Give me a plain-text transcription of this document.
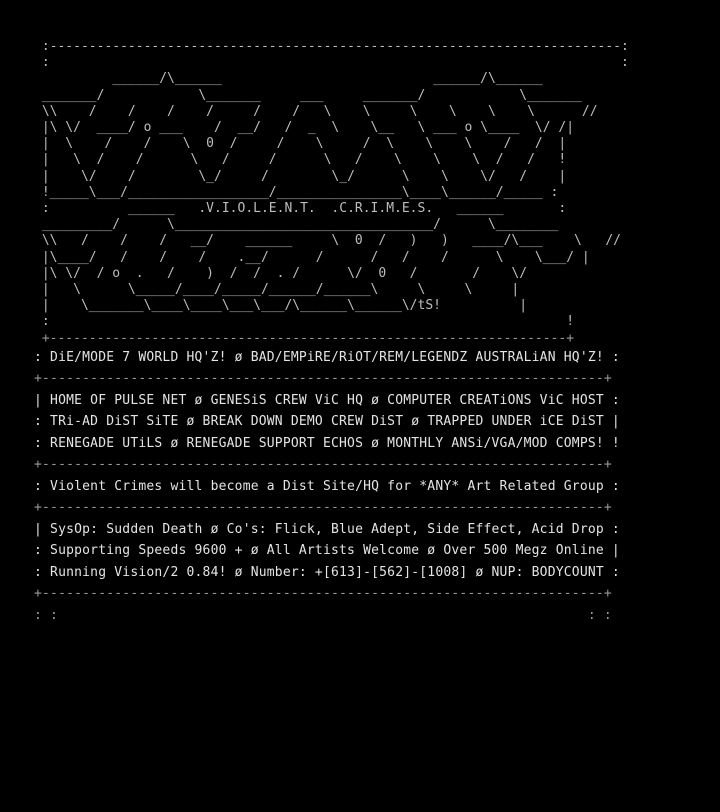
:-------------------------------------------------------------------------:
:                                                                         :
______/\______                           ______/\______
_______/            \_______     ___     _______/            \_______
\\    /    /    /    /     /    /   \    \     \    \    \    \      //
|\ \/  ____/ o ___    /  __/   /  _  \    \__   \ ___ o \____  \/ /|
|  \    /    /    \  0  /     /    \     /  \    \    \    /   /  |
|   \  /    /      \   /     /      \   /    \    \    \  /   /   !
|    \/    /        \_/     /        \_/      \    \    \/   /    |
!_____\___/__________________/________________\____\______/_____ :
:          ______   .V.I.O.L.E.N.T.  .C.R.I.M.E.S.   ______       :
_________/      \_________________________________/      \________
\\   /    /    /   __/    ______     \  0  /   )   )   ____/\___    \   //
|\____/   /    /    /    .__/      /      /   /    /      \    \___/ |
|\ \/  / o  .   /    )  /  /  . /      \/  0   /       /    \/
|   \      \_____/____/_____/______/______\     \     \     |
|    \_______\____\____\___\___/\______\______\/tS!          |
:                                                                  !
+------------------------------------------------------------------+
: DiE/MODE 7 WORLD HQ'Z! ø BAD/EMPiRE/RiOT/REM/LEGENDZ AUSTRALiAN HQ'Z! :
+----------------------------------------------------------------------+
| HOME OF PULSE NET ø GENESiS CREW ViC HQ ø COMPUTER CREATiONS ViC HOST :
: TRi-AD DiST SiTE ø BREAK DOWN DEMO CREW DiST ø TRAPPED UNDER iCE DiST |
: RENEGADE UTiLS ø RENEGADE SUPPORT ECHOS ø MONTHLY ANSi/VGA/MOD COMPS! !
+----------------------------------------------------------------------+
: Violent Crimes will become a Dist Site/HQ for *ANY* Art Related Group :
+----------------------------------------------------------------------+
| SysOp: Sudden Death ø Co's: Flick, Blue Adept, Side Effect, Acid Drop :
: Supporting Speeds 9600 + ø All Artists Welcome ø Over 500 Megz Online |
: Running Vision/2 0.84! ø Number: +[613]-[562]-[1008] ø NUP: BODYCOUNT :
+----------------------------------------------------------------------+
: :                                                                  : :
